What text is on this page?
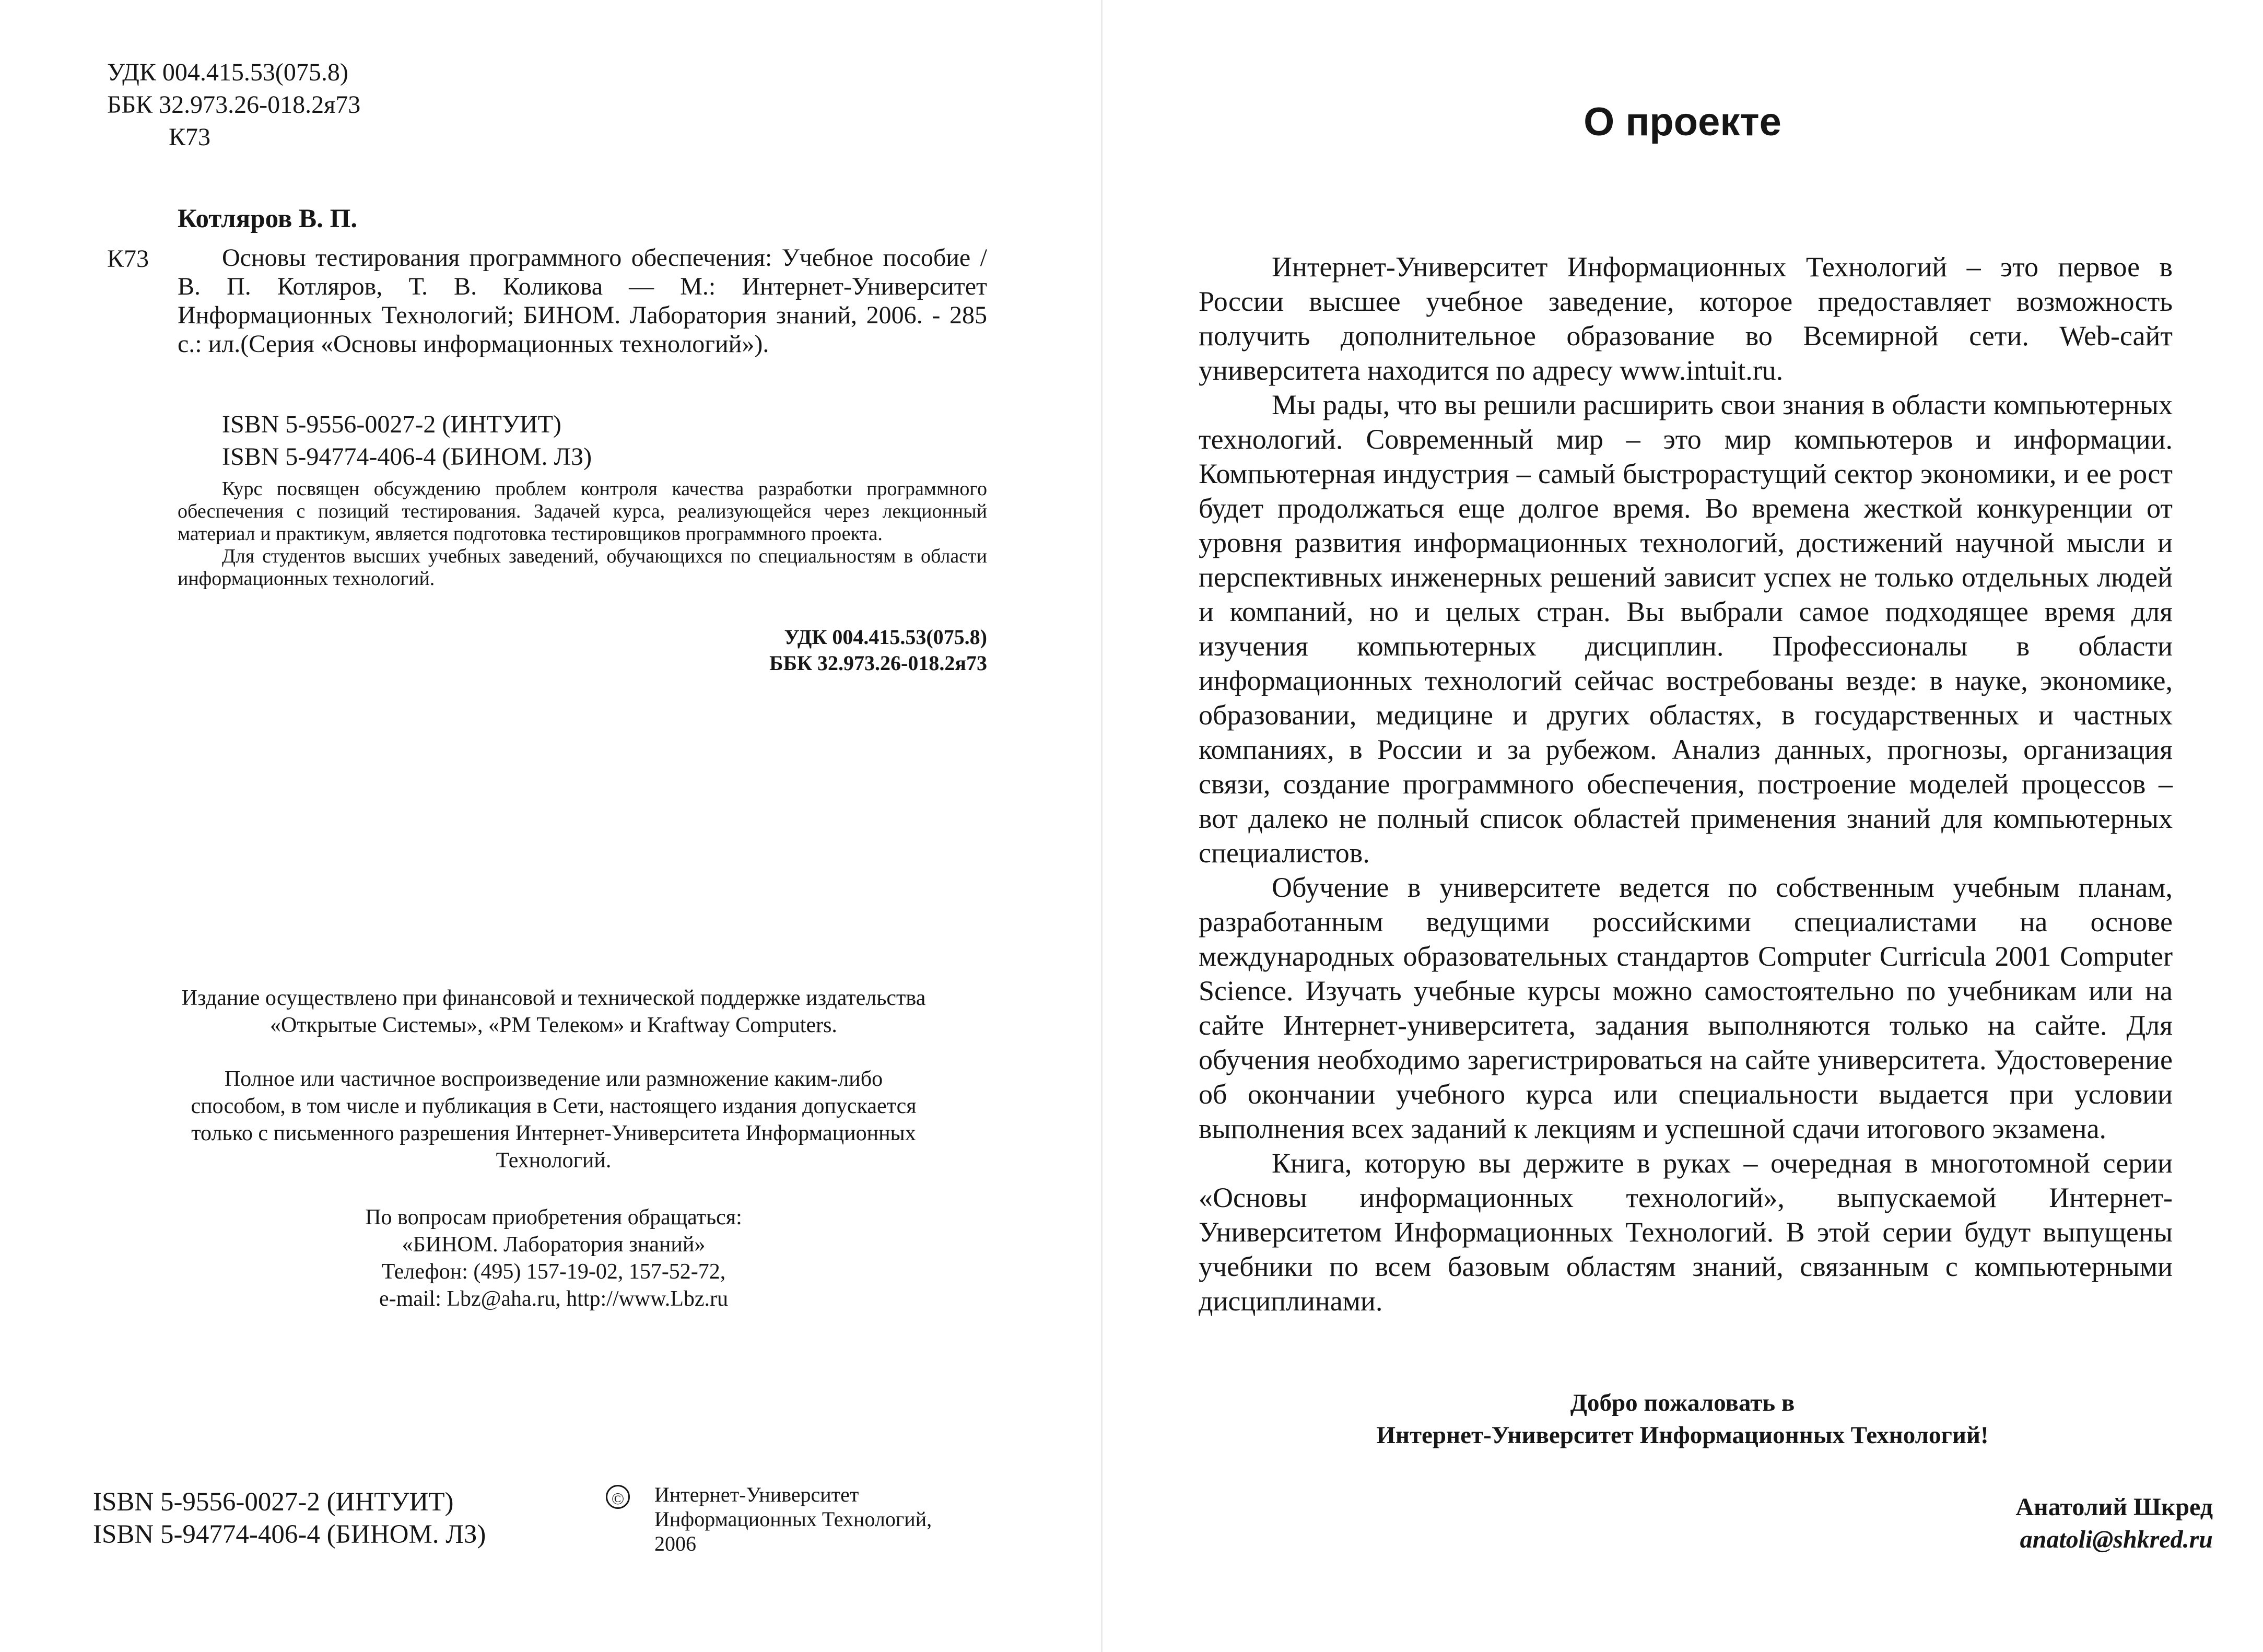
УДК 004.415.53(075.8)
ББК 32.973.26-018.2я73
К73
Котляров В. П.
К73	Основы тестирования программного обеспечения: Учебное пособие / В. П. Котляров, Т. В. Коликова — М.: Интернет-Университет Информационных Технологий; БИНОМ. Лаборатория знаний, 2006. - 285 с.: ил.(Серия «Основы информационных технологий»).
ISBN 5-9556-0027-2 (ИНТУИТ)
ISBN 5-94774-406-4 (БИНОМ. ЛЗ)

Курс посвящен обсуждению проблем контроля качества разработки программного обеспечения с позиций тестирования. Задачей курса, реализующейся через лекционный материал и практикум, является подготовка тестировщиков программного проекта.

Для студентов высших учебных заведений, обучающихся по специальностям в области информационных технологий.

УДК 004.415.53(075.8)
ББК 32.973.26-018.2я73
Издание осуществлено при финансовой и технической поддержке издательства
«Открытые Системы», «РМ Телеком» и Kraftway Computers.
Полное или частичное воспроизведение или размножение каким-либо
способом, в том числе и публикация в Сети, настоящего издания допускается
только с письменного разрешения Интернет-Университета Информационных
Технологий.
По вопросам приобретения обращаться:
«БИНОМ. Лаборатория знаний»
Телефон: (495) 157-19-02, 157-52-72,
e-mail: Lbz@aha.ru, http://www.Lbz.ru
ISBN 5-9556-0027-2 (ИНТУИТ)
ISBN 5-94774-406-4 (БИНОМ. ЛЗ)
© Интернет-Университет
Информационных Технологий,
2006
О проекте

Интернет-Университет Информационных Технологий – это первое в России высшее учебное заведение, которое предоставляет возможность получить дополнительное образование во Всемирной сети. Web-сайт университета находится по адресу www.intuit.ru.

Мы рады, что вы решили расширить свои знания в области компьютерных технологий. Современный мир – это мир компьютеров и информации. Компьютерная индустрия – самый быстрорастущий сектор экономики, и ее рост будет продолжаться еще долгое время. Во времена жесткой конкуренции от уровня развития информационных технологий, достижений научной мысли и перспективных инженерных решений зависит успех не только отдельных людей и компаний, но и целых стран. Вы выбрали самое подходящее время для изучения компьютерных дисциплин. Профессионалы в области информационных технологий сейчас востребованы везде: в науке, экономике, образовании, медицине и других областях, в государственных и частных компаниях, в России и за рубежом. Анализ данных, прогнозы, организация связи, создание программного обеспечения, построение моделей процессов – вот далеко не полный список областей применения знаний для компьютерных специалистов.

Обучение в университете ведется по собственным учебным планам, разработанным ведущими российскими специалистами на основе международных образовательных стандартов Computer Curricula 2001 Computer Science. Изучать учебные курсы можно самостоятельно по учебникам или на сайте Интернет-университета, задания выполняются только на сайте. Для обучения необходимо зарегистрироваться на сайте университета. Удостоверение об окончании учебного курса или специальности выдается при условии выполнения всех заданий к лекциям и успешной сдачи итогового экзамена.

Книга, которую вы держите в руках – очередная в многотомной серии «Основы информационных технологий», выпускаемой Интернет-Университетом Информационных Технологий. В этой серии будут выпущены учебники по всем базовым областям знаний, связанным с компьютерными дисциплинами.

Добро пожаловать в
Интернет-Университет Информационных Технологий!
Анатолий Шкред
anatoli@shkred.ru
